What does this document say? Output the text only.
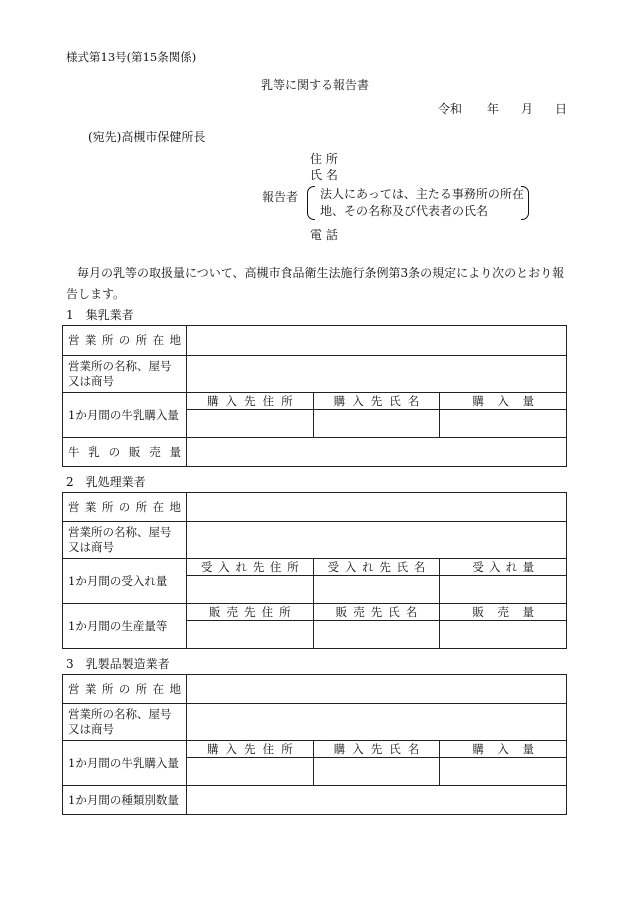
様式第13号(第15条関係)
乳等に関する報告書
令和 年 月 日
(宛先)高槻市保健所長
住 所
氏 名
報告者 法人にあっては、主たる事務所の所在
地、その名称及び代表者の氏名
電 話
毎月の乳等の取扱量について、高槻市食品衛生法施行条例第3条の規定により次のとおり報告します。
1　集乳業者
営業所の所在地			

営業所の名称、屋号
又は商号			

1か月間の牛乳購入量	購入先住所	購入先氏名	購入量

牛乳の販売量			

2　乳処理業者
営業所の所在地			

営業所の名称、屋号
又は商号			

1か月間の受入れ量	受入れ先住所	受入れ先氏名	受入れ量

1か月間の生産量等	販売先住所	販売先氏名	販売量

3　乳製品製造業者
営業所の所在地			

営業所の名称、屋号
又は商号			

1か月間の牛乳購入量	購入先住所	購入先氏名	購入量

1か月間の種類別数量			
